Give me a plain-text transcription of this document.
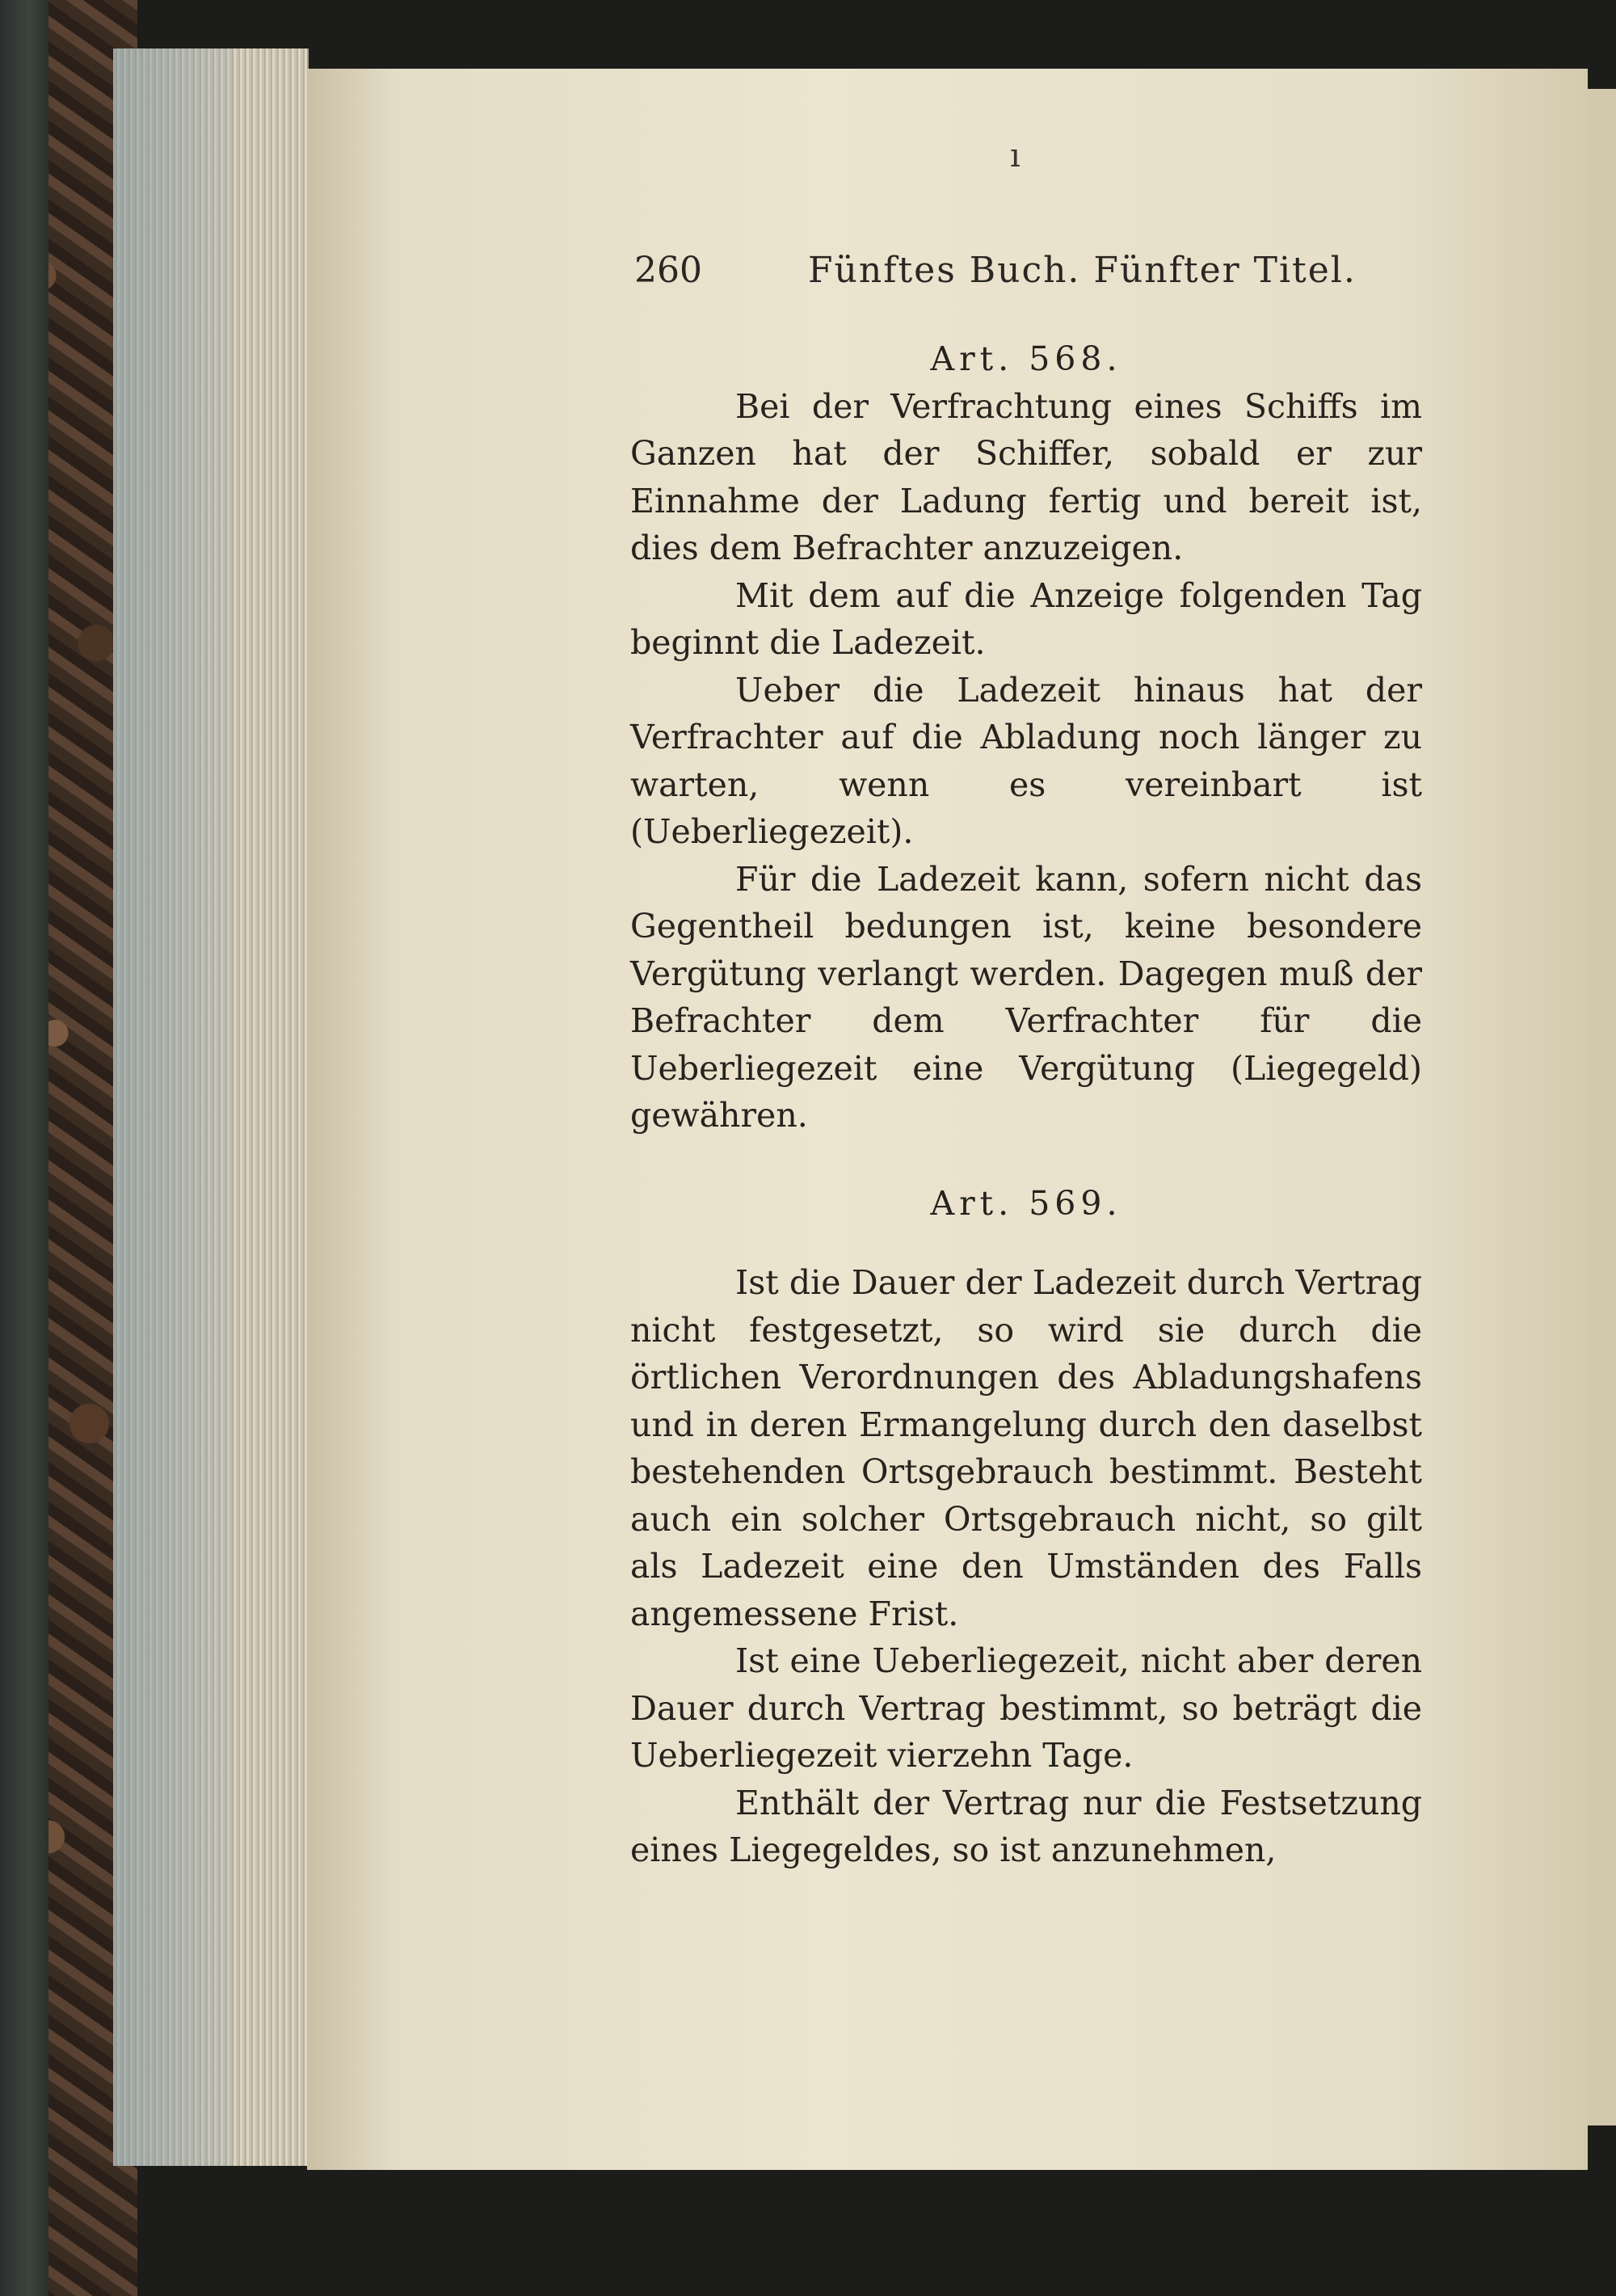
ı
260	Fünftes Buch. Fünfter Titel.
Art. 568.

Bei der Verfrachtung eines Schiffs im Ganzen hat der Schiffer, sobald er zur Einnahme der Ladung fertig und bereit ist, dies dem Befrachter anzuzeigen.

Mit dem auf die Anzeige folgenden Tag beginnt die Ladezeit.

Ueber die Ladezeit hinaus hat der Verfrachter auf die Abladung noch länger zu warten, wenn es vereinbart ist (Ueberliegezeit).

Für die Ladezeit kann, sofern nicht das Gegentheil bedungen ist, keine besondere Vergütung verlangt werden. Dagegen muß der Befrachter dem Verfrachter für die Ueberliegezeit eine Vergütung (Liegegeld) gewähren.

Art. 569.

Ist die Dauer der Ladezeit durch Vertrag nicht festgesetzt, so wird sie durch die örtlichen Verordnungen des Abladungshafens und in deren Ermangelung durch den daselbst bestehenden Ortsgebrauch bestimmt. Besteht auch ein solcher Ortsgebrauch nicht, so gilt als Ladezeit eine den Umständen des Falls angemessene Frist.

Ist eine Ueberliegezeit, nicht aber deren Dauer durch Vertrag bestimmt, so beträgt die Ueberliegezeit vierzehn Tage.

Enthält der Vertrag nur die Festsetzung eines Liegegeldes, so ist anzunehmen,
